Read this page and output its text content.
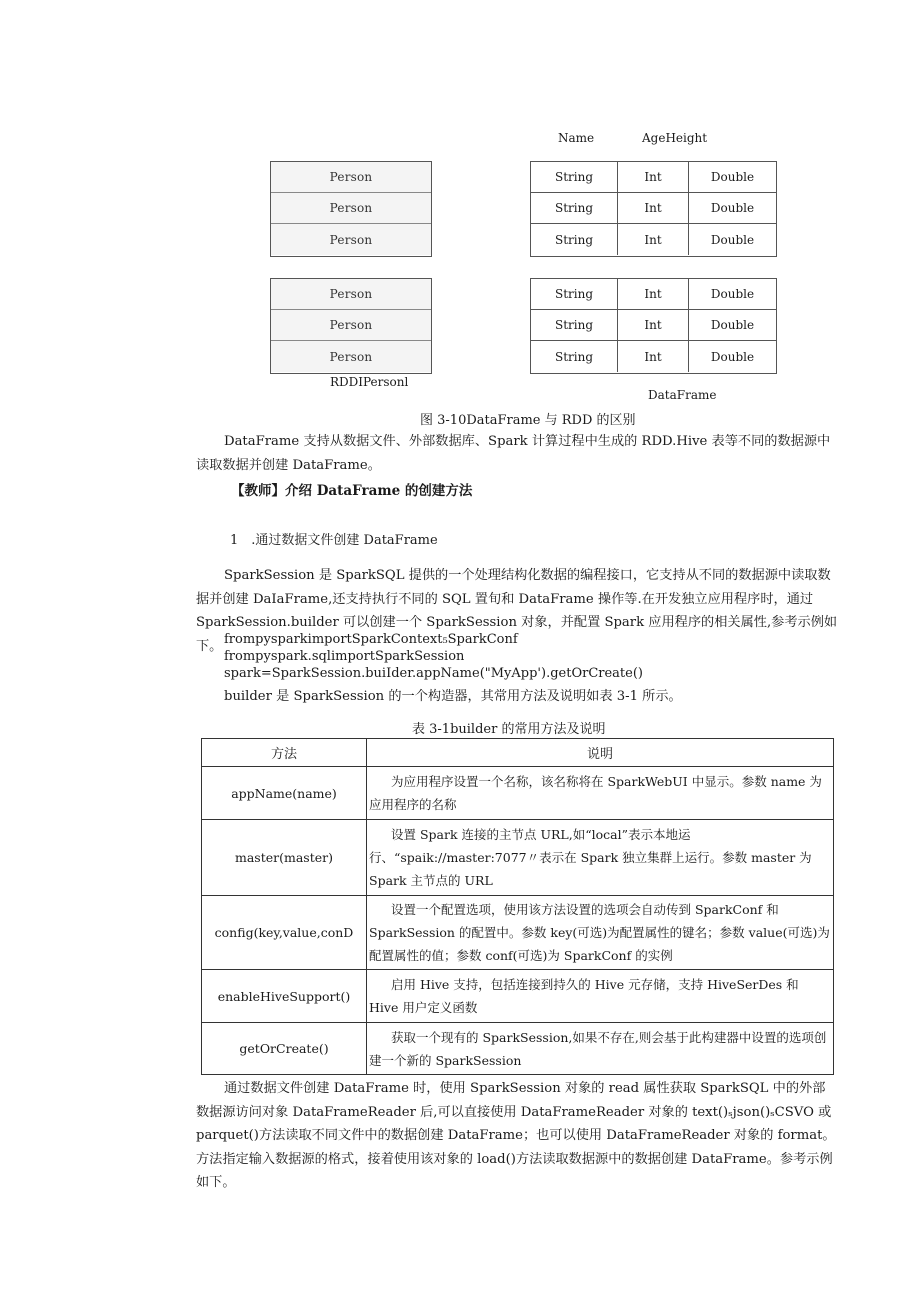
Name	AgeHeight
Person
Person
Person
Person
Person
Person
String	Int	Double
String	Int	Double
String	Int	Double
String	Int	Double
String	Int	Double
String	Int	Double
RDDIPersonl
DataFrame
图 3-10DataFrame 与 RDD 的区别
DataFrame 支持从数据文件、外部数据库、Spark 计算过程中生成的 RDD.Hive 表等不同的数据源中读取数据并创建 DataFrame。
【教师】介绍 DataFrame 的创建方法
1　.通过数据文件创建 DataFrame
SparkSession 是 SparkSQL 提供的一个处理结构化数据的编程接口，它支持从不同的数据源中读取数据并创建 DaIaFrame,还支持执行不同的 SQL 置旬和 DataFrame 操作等.在开发独立应用程序时，通过 SparkSession.builder 可以创建一个 SparkSession 对象，并配置 Spark 应用程序的相关属性,参考示例如下。 frompysparkimportSparkContext₅SparkConf
frompyspark.sqlimportSparkSession
spark=SparkSession.buiIder.appName("MyApp').getOrCreate()
builder 是 SparkSession 的一个构造器，其常用方法及说明如表 3-1 所示。
表 3-1builder 的常用方法及说明
方法	说明
appName(name)	为应用程序设置一个名称，该名称将在 SparkWebUI 中显示。参数 name 为应用程序的名称
master(master)	设置 Spark 连接的主节点 URL,如“local”表示本地运行、“spaik://master:7077〃表示在 Spark 独立集群上运行。参数 master 为 Spark 主节点的 URL
config(key,value,conD	设置一个配置选项，使用该方法设置的选项会自动传到 SparkConf 和 SparkSession 的配置中。参数 key(可选)为配置属性的键名；参数 value(可选)为配置属性的值；参数 conf(可选)为 SparkConf 的实例
enableHiveSupport()	启用 Hive 支持，包括连接到持久的 Hive 元存储，支持 HiveSerDes 和 Hive 用户定义函数
getOrCreate()	获取一个现有的 SparkSession,如果不存在,则会基于此构建器中设置的选项创建一个新的 SparkSession
通过数据文件创建 DataFrame 时，使用 SparkSession 对象的 read 属性获取 SparkSQL 中的外部数据源访问对象 DataFrameReader 后,可以直接使用 DataFrameReader 对象的 text()ₛjson()ₛCSVO 或 parquet()方法读取不同文件中的数据创建 DataFrame；也可以使用 DataFrameReader 对象的 format。方法指定输入数据源的格式，接着使用该对象的 load()方法读取数据源中的数据创建 DataFrame。参考示例如下。
